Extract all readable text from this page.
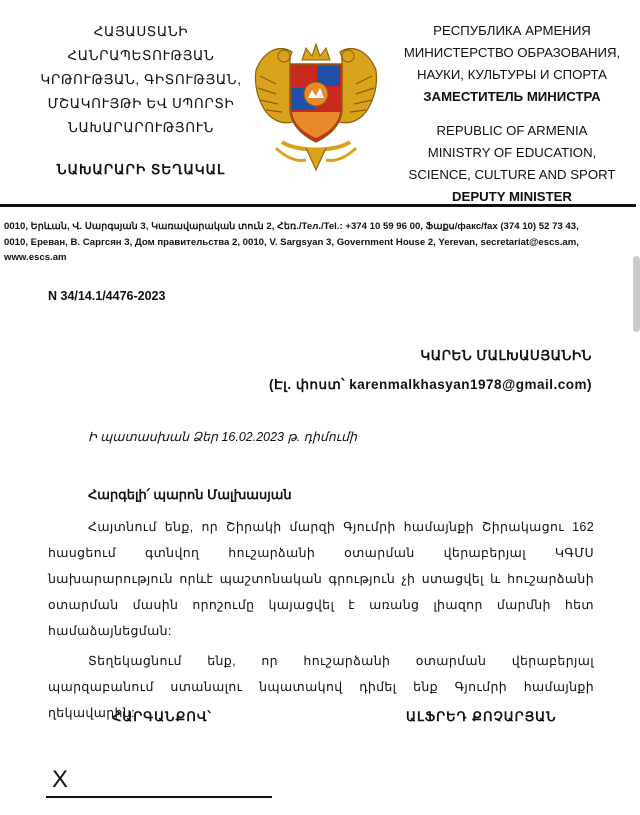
ՀԱՅԱՍՏԱՆԻ
ՀԱՆՐԱՊԵՏՈՒԹՅԱՆ
ԿՐԹՈՒԹՅԱՆ, ԳԻՏՈՒԹՅԱՆ,
ՄՇԱԿՈՒՅԹԻ ԵՎ ՍՊՈՐՏԻ
ՆԱԽԱՐԱՐՈՒԹՅՈՒՆ
ՆԱԽԱՐԱՐԻ ՏԵՂԱԿԱԼ
РЕСПУБЛИКА АРМЕНИЯ
МИНИСТЕРСТВО ОБРАЗОВАНИЯ,
НАУКИ, КУЛЬТУРЫ И СПОРТА
ЗАМЕСТИТЕЛЬ МИНИСТРА
REPUBLIC OF ARMENIA
MINISTRY OF EDUCATION,
SCIENCE, CULTURE AND SPORT
DEPUTY MINISTER
0010, Երևան, Վ. Սարգսյան 3, Կառավարական տուն 2, Հեռ./Тел./Tel.: +374 10 59 96 00, Ֆաքս/факс/fax (374 10) 52 73 43,
0010, Ереван, В. Саргсян 3, Дом правительства 2, 0010, V. Sargsyan 3, Government House 2, Yerevan, secretariat@escs.am,
www.escs.am
N 34/14.1/4476-2023
ԿԱՐԵՆ ՄԱԼԽԱՍՅԱՆԻՆ
(Էլ. փոստ՝ karenmalkhasyan1978@gmail.com)
Ի պատասխան Ձեր 16.02.2023 թ. դիմումի
Հարգելի՛ պարոն Մալխասյան

Հայտնում ենք, որ Շիրակի մարզի Գյումրի համայնքի Շիրակացու 162 հասցեում գտնվող հուշարձանի օտարման վերաբերյալ ԿԳՄՍ նախարարություն որևէ պաշտոնական գրություն չի ստացվել և հուշարձանի օտարման մասին որոշումը կայացվել է առանց լիազոր մարմնի հետ համաձայնեցման:

Տեղեկացնում ենք, որ հուշարձանի օտարման վերաբերյալ պարզաբանում ստանալու նպատակով դիմել ենք Գյումրի համայնքի ղեկավարին:

ՀԱՐԳԱՆՔՈՎ՝	ԱԼՖՐԵԴ ՔՈՉԱՐՅԱՆ
X
